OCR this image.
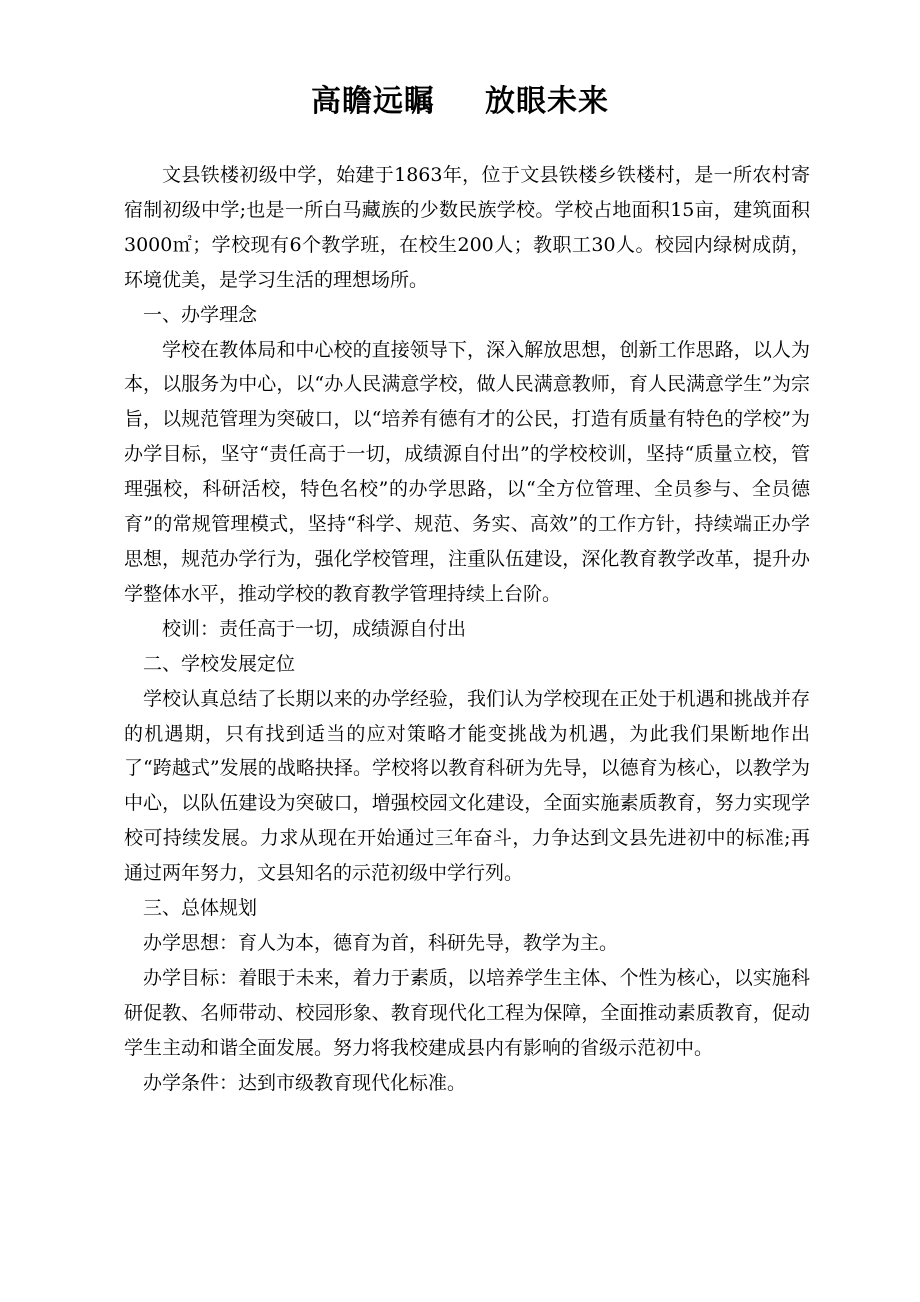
高瞻远瞩 放眼未来

文县铁楼初级中学，始建于1863年，位于文县铁楼乡铁楼村，是一所农村寄宿制初级中学;也是一所白马藏族的少数民族学校。学校占地面积15亩，建筑面积3000㎡；学校现有6个教学班，在校生200人；教职工30人。校园内绿树成荫，环境优美，是学习生活的理想场所。

一、办学理念

学校在教体局和中心校的直接领导下，深入解放思想，创新工作思路，以人为本，以服务为中心，以“办人民满意学校，做人民满意教师，育人民满意学生”为宗旨，以规范管理为突破口，以“培养有德有才的公民，打造有质量有特色的学校”为办学目标，坚守“责任高于一切，成绩源自付出”的学校校训，坚持“质量立校，管理强校，科研活校，特色名校”的办学思路，以“全方位管理、全员参与、全员德育”的常规管理模式，坚持“科学、规范、务实、高效”的工作方针，持续端正办学思想，规范办学行为，强化学校管理，注重队伍建设，深化教育教学改革，提升办学整体水平，推动学校的教育教学管理持续上台阶。

校训：责任高于一切，成绩源自付出

二、学校发展定位

学校认真总结了长期以来的办学经验，我们认为学校现在正处于机遇和挑战并存的机遇期，只有找到适当的应对策略才能变挑战为机遇，为此我们果断地作出了“跨越式”发展的战略抉择。学校将以教育科研为先导，以德育为核心，以教学为中心，以队伍建设为突破口，增强校园文化建设，全面实施素质教育，努力实现学校可持续发展。力求从现在开始通过三年奋斗，力争达到文县先进初中的标准;再通过两年努力，文县知名的示范初级中学行列。

三、总体规划

办学思想：育人为本，德育为首，科研先导，教学为主。

办学目标：着眼于未来，着力于素质，以培养学生主体、个性为核心，以实施科研促教、名师带动、校园形象、教育现代化工程为保障，全面推动素质教育，促动学生主动和谐全面发展。努力将我校建成县内有影响的省级示范初中。

办学条件：达到市级教育现代化标准。
